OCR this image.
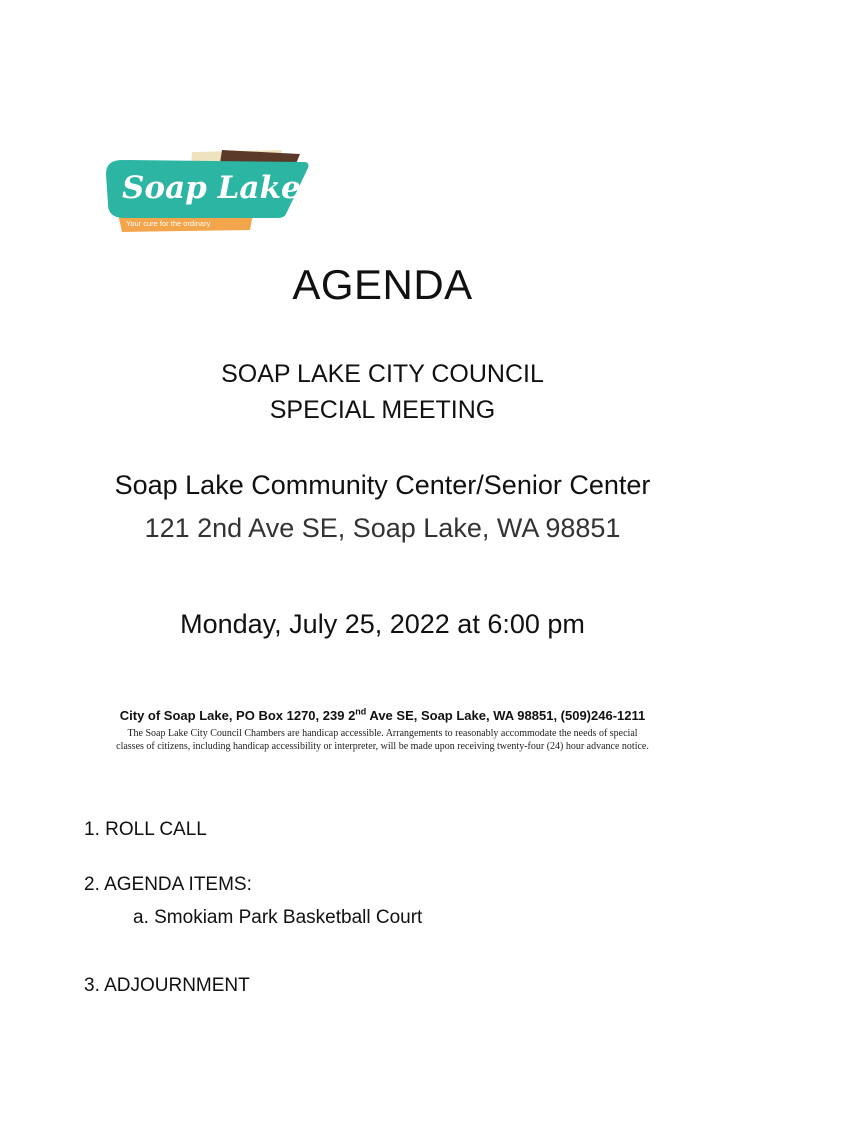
Soap Lake
Your cure for the ordinary
AGENDA
SOAP LAKE CITY COUNCIL
SPECIAL MEETING
Soap Lake Community Center/Senior Center
121 2nd Ave SE, Soap Lake, WA 98851
Monday, July 25, 2022 at 6:00 pm
City of Soap Lake, PO Box 1270, 239 2nd Ave SE, Soap Lake, WA 98851, (509)246-1211
The Soap Lake City Council Chambers are handicap accessible. Arrangements to reasonably accommodate the needs of special
classes of citizens, including handicap accessibility or interpreter, will be made upon receiving twenty-four (24) hour advance notice.
1. ROLL CALL
2. AGENDA ITEMS:
a. Smokiam Park Basketball Court
3. ADJOURNMENT
